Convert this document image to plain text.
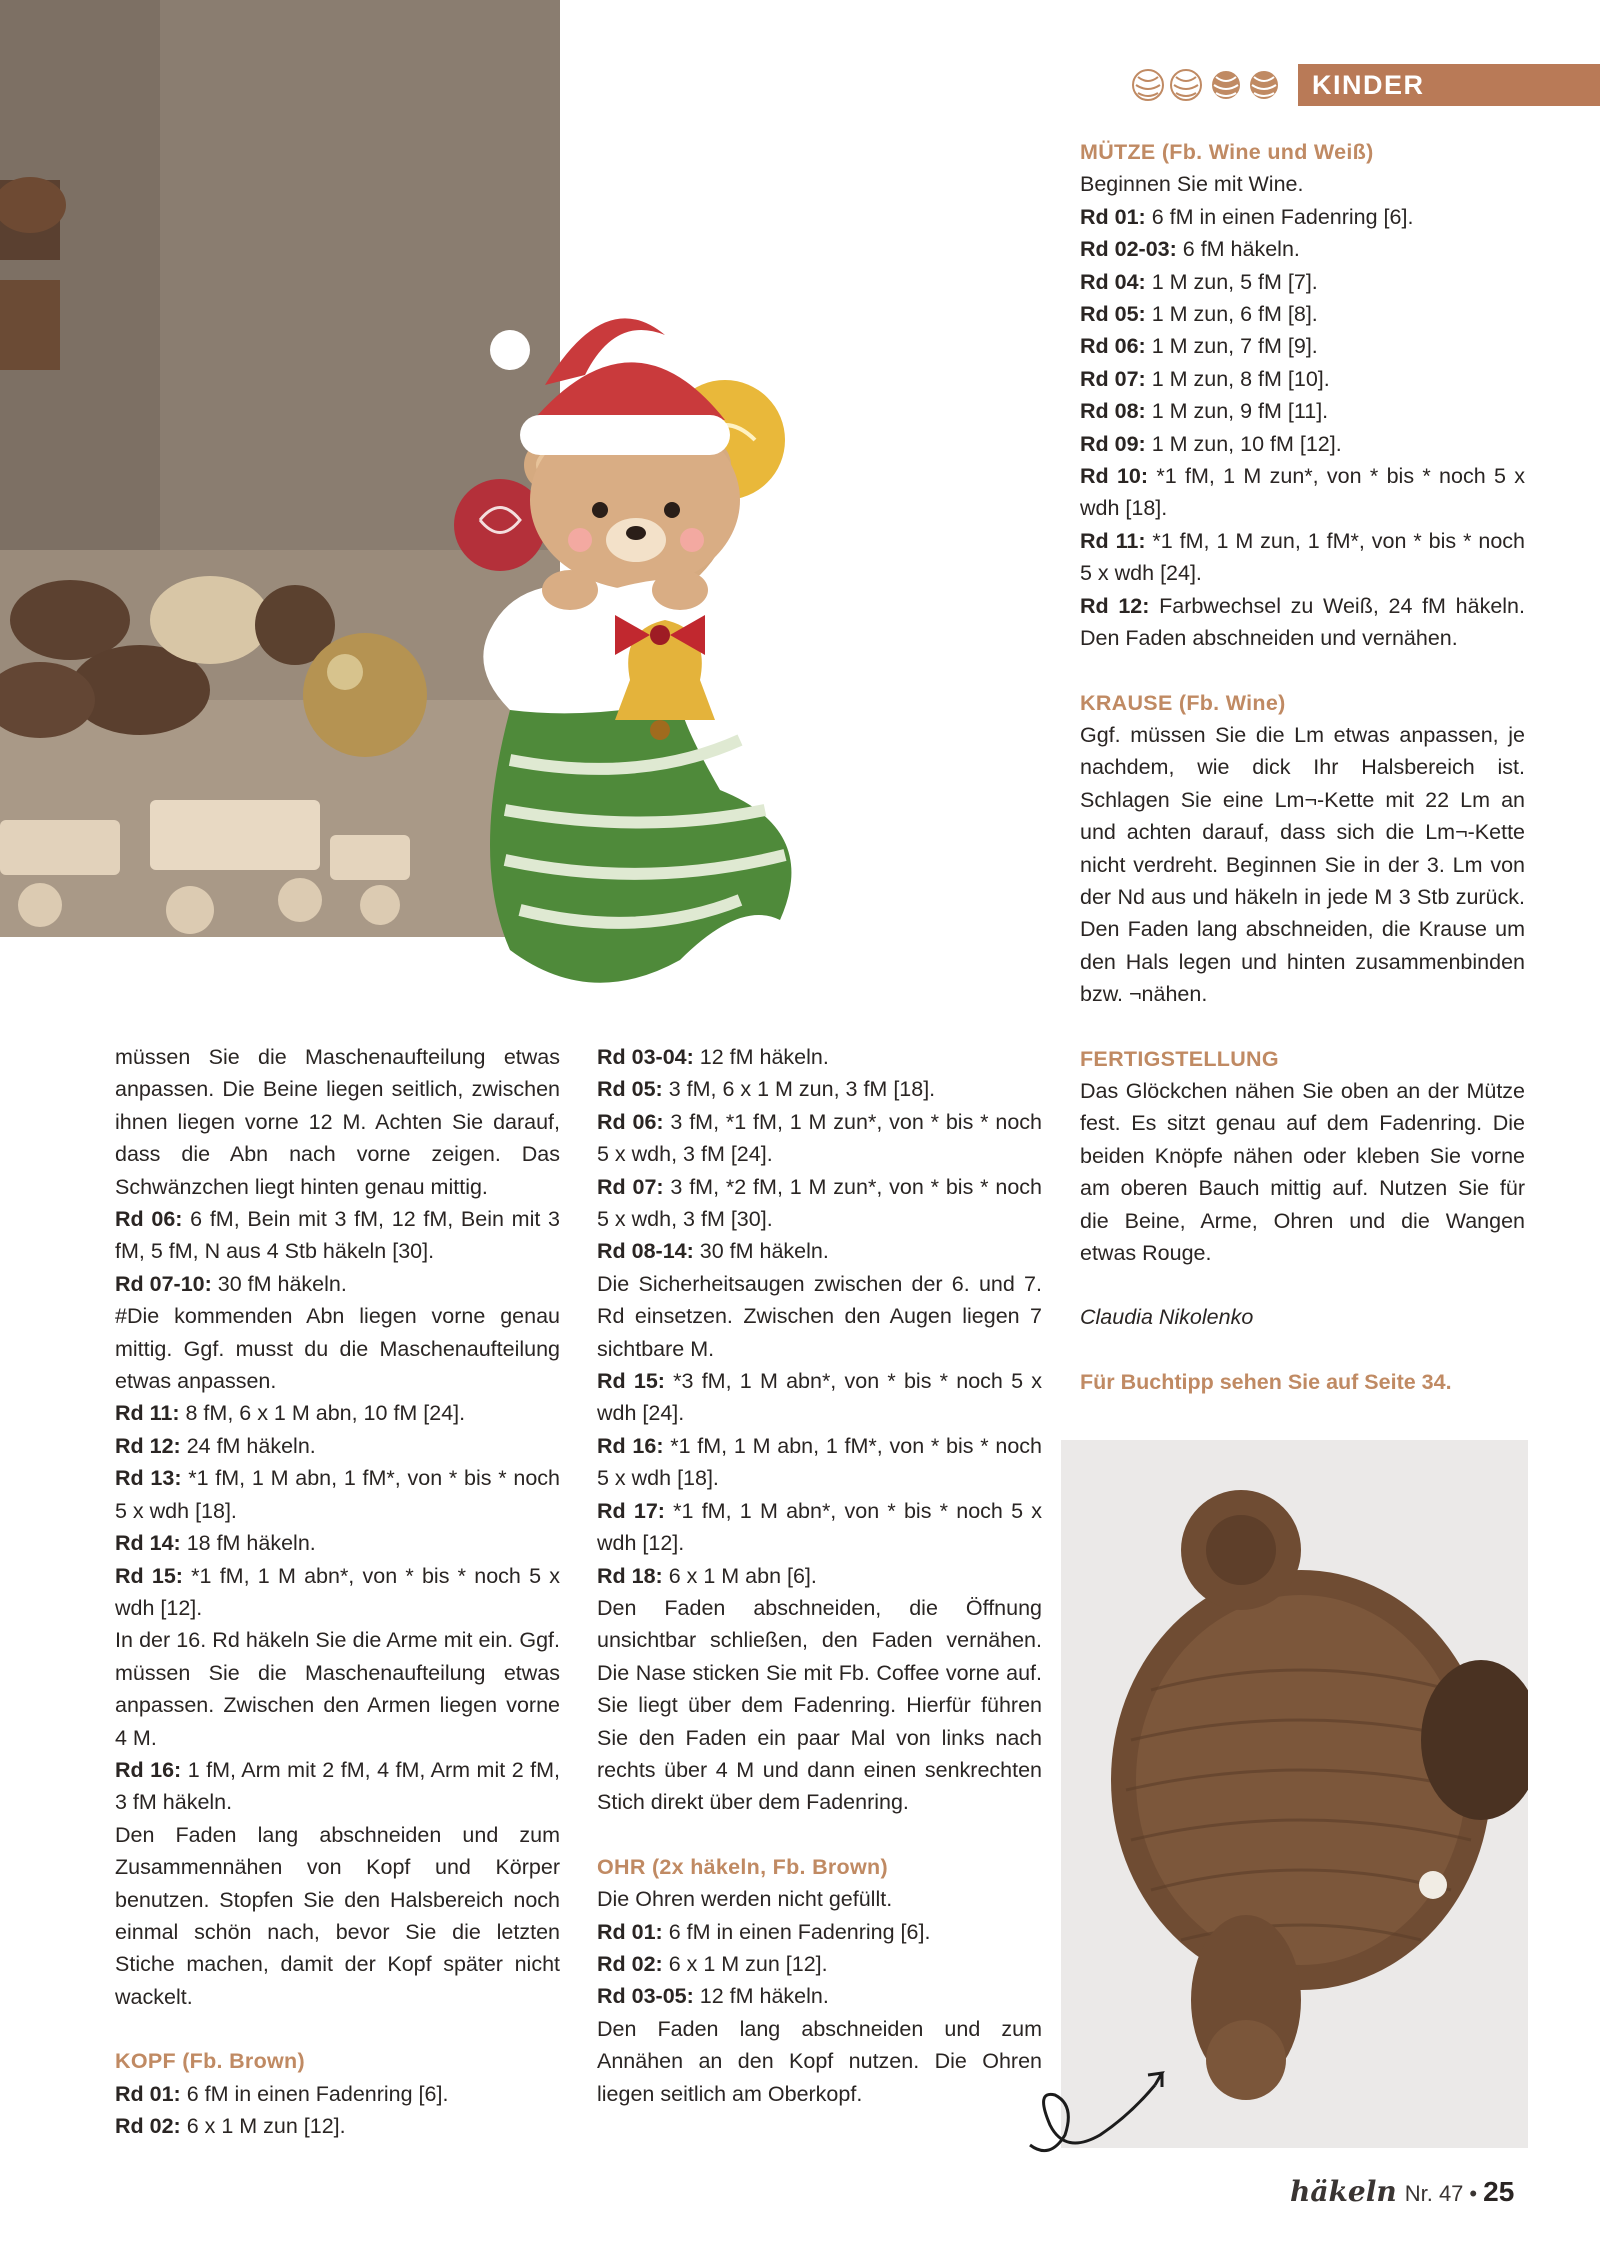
KINDER

MÜTZE (Fb. Wine und Weiß)

Beginnen Sie mit Wine.

Rd 01: 6 fM in einen Fadenring [6].

Rd 02-03: 6 fM häkeln.

Rd 04: 1 M zun, 5 fM [7].

Rd 05: 1 M zun, 6 fM [8].

Rd 06: 1 M zun, 7 fM [9].

Rd 07: 1 M zun, 8 fM [10].

Rd 08: 1 M zun, 9 fM [11].

Rd 09: 1 M zun, 10 fM [12].

Rd 10: *1 fM, 1 M zun*, von * bis * noch 5 x wdh [18].

Rd 11: *1 fM, 1 M zun, 1 fM*, von * bis * noch 5 x wdh [24].

Rd 12: Farbwechsel zu Weiß, 24 fM häkeln. Den Faden abschneiden und vernähen.

KRAUSE (Fb. Wine)

Ggf. müssen Sie die Lm etwas anpassen, je nachdem, wie dick Ihr Halsbereich ist. Schlagen Sie eine Lm¬-Kette mit 22 Lm an und achten darauf, dass sich die Lm¬-Kette nicht verdreht. Beginnen Sie in der 3. Lm von der Nd aus und häkeln in jede M 3 Stb zurück. Den Faden lang abschneiden, die Krause um den Hals legen und hinten zusammenbinden bzw. ¬nähen.

FERTIGSTELLUNG

Das Glöckchen nähen Sie oben an der Mütze fest. Es sitzt genau auf dem Fadenring. Die beiden Knöpfe nähen oder kleben Sie vorne am oberen Bauch mittig auf. Nutzen Sie für die Beine, Arme, Ohren und die Wangen etwas Rouge.

Claudia Nikolenko

Für Buchtipp sehen Sie auf Seite 34.

müssen Sie die Maschenaufteilung etwas anpassen. Die Beine liegen seitlich, zwischen ihnen liegen vorne 12 M. Achten Sie darauf, dass die Abn nach vorne zeigen. Das Schwänzchen liegt hinten genau mittig.

Rd 06: 6 fM, Bein mit 3 fM, 12 fM, Bein mit 3 fM, 5 fM, N aus 4 Stb häkeln [30].

Rd 07-10: 30 fM häkeln.

#Die kommenden Abn liegen vorne genau mittig. Ggf. musst du die Maschenaufteilung etwas anpassen.

Rd 11: 8 fM, 6 x 1 M abn, 10 fM [24].

Rd 12: 24 fM häkeln.

Rd 13: *1 fM, 1 M abn, 1 fM*, von * bis * noch 5 x wdh [18].

Rd 14: 18 fM häkeln.

Rd 15: *1 fM, 1 M abn*, von * bis * noch 5 x wdh [12].

In der 16. Rd häkeln Sie die Arme mit ein. Ggf. müssen Sie die Maschenaufteilung etwas anpassen. Zwischen den Armen liegen vorne 4 M.

Rd 16: 1 fM, Arm mit 2 fM, 4 fM, Arm mit 2 fM, 3 fM häkeln.

Den Faden lang abschneiden und zum Zusammennähen von Kopf und Körper benutzen. Stopfen Sie den Halsbereich noch einmal schön nach, bevor Sie die letzten Stiche machen, damit der Kopf später nicht wackelt.

KOPF (Fb. Brown)

Rd 01: 6 fM in einen Fadenring [6].

Rd 02: 6 x 1 M zun [12].

Rd 03-04: 12 fM häkeln.

Rd 05: 3 fM, 6 x 1 M zun, 3 fM [18].

Rd 06: 3 fM, *1 fM, 1 M zun*, von * bis * noch 5 x wdh, 3 fM [24].

Rd 07: 3 fM, *2 fM, 1 M zun*, von * bis * noch 5 x wdh, 3 fM [30].

Rd 08-14: 30 fM häkeln.

Die Sicherheitsaugen zwischen der 6. und 7. Rd einsetzen. Zwischen den Augen liegen 7 sichtbare M.

Rd 15: *3 fM, 1 M abn*, von * bis * noch 5 x wdh [24].

Rd 16: *1 fM, 1 M abn, 1 fM*, von * bis * noch 5 x wdh [18].

Rd 17: *1 fM, 1 M abn*, von * bis * noch 5 x wdh [12].

Rd 18: 6 x 1 M abn [6].

Den Faden abschneiden, die Öffnung unsichtbar schließen, den Faden vernähen. Die Nase sticken Sie mit Fb. Coffee vorne auf. Sie liegt über dem Fadenring. Hierfür führen Sie den Faden ein paar Mal von links nach rechts über 4 M und dann einen senkrechten Stich direkt über dem Fadenring.

OHR (2x häkeln, Fb. Brown)

Die Ohren werden nicht gefüllt.

Rd 01: 6 fM in einen Fadenring [6].

Rd 02: 6 x 1 M zun [12].

Rd 03-05: 12 fM häkeln.

Den Faden lang abschneiden und zum Annähen an den Kopf nutzen. Die Ohren liegen seitlich am Oberkopf.

häkeln Nr. 47 • 25
